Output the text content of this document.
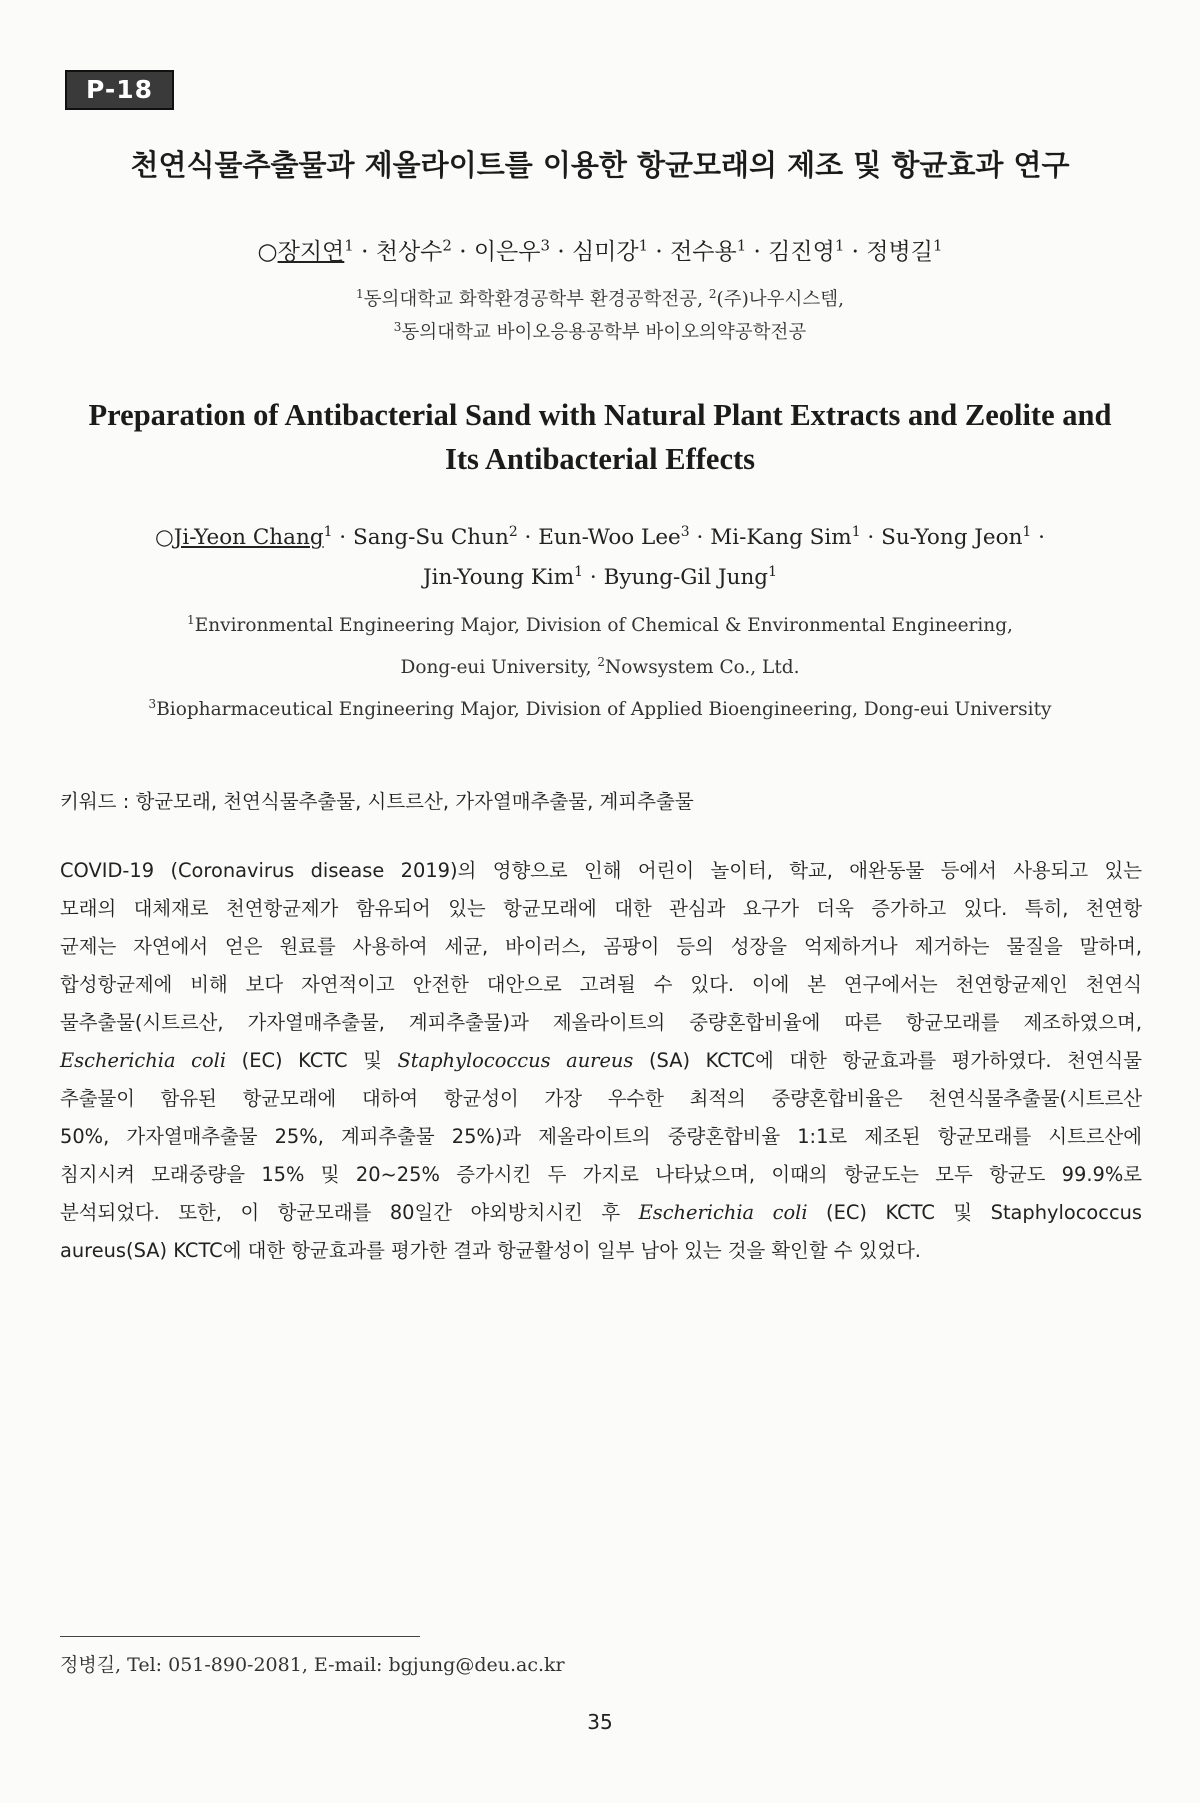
P-18
천연식물추출물과 제올라이트를 이용한 항균모래의 제조 및 항균효과 연구
○장지연$^1$ · 천상수$^2$ · 이은우$^3$ · 심미강$^1$ · 전수용$^1$ · 김진영$^1$ · 정병길$^1$
$^1$동의대학교 화학환경공학부 환경공학전공, $^2$(주)나우시스템,
$^3$동의대학교 바이오응용공학부 바이오의약공학전공
Preparation of Antibacterial Sand with Natural Plant Extracts and Zeolite and
Its Antibacterial Effects
○Ji-Yeon Chang$^1$ · Sang-Su Chun$^2$ · Eun-Woo Lee$^3$ · Mi-Kang Sim$^1$ · Su-Yong Jeon$^1$ ·
Jin-Young Kim$^1$ · Byung-Gil Jung$^1$
$^1$Environmental Engineering Major, Division of Chemical & Environmental Engineering,
Dong-eui University, $^2$Nowsystem Co., Ltd.
$^3$Biopharmaceutical Engineering Major, Division of Applied Bioengineering, Dong-eui University
키워드 : 항균모래, 천연식물추출물, 시트르산, 가자열매추출물, 계피추출물
COVID-19 (Coronavirus disease 2019)의 영향으로 인해 어린이 놀이터, 학교, 애완동물 등에서 사용되고 있는
모래의 대체재로 천연항균제가 함유되어 있는 항균모래에 대한 관심과 요구가 더욱 증가하고 있다. 특히, 천연항
균제는 자연에서 얻은 원료를 사용하여 세균, 바이러스, 곰팡이 등의 성장을 억제하거나 제거하는 물질을 말하며,
합성항균제에 비해 보다 자연적이고 안전한 대안으로 고려될 수 있다. 이에 본 연구에서는 천연항균제인 천연식
물추출물(시트르산, 가자열매추출물, 계피추출물)과 제올라이트의 중량혼합비율에 따른 항균모래를 제조하였으며,
Escherichia coli (EC) KCTC 및 Staphylococcus aureus (SA) KCTC에 대한 항균효과를 평가하였다. 천연식물
추출물이 함유된 항균모래에 대하여 항균성이 가장 우수한 최적의 중량혼합비율은 천연식물추출물(시트르산
50%, 가자열매추출물 25%, 계피추출물 25%)과 제올라이트의 중량혼합비율 1:1로 제조된 항균모래를 시트르산에
침지시켜 모래중량을 15% 및 20~25% 증가시킨 두 가지로 나타났으며, 이때의 항균도는 모두 항균도 99.9%로
분석되었다. 또한, 이 항균모래를 80일간 야외방치시킨 후 Escherichia coli (EC) KCTC 및 Staphylococcus
aureus(SA) KCTC에 대한 항균효과를 평가한 결과 항균활성이 일부 남아 있는 것을 확인할 수 있었다.
정병길, Tel: 051-890-2081, E-mail: bgjung@deu.ac.kr
35
